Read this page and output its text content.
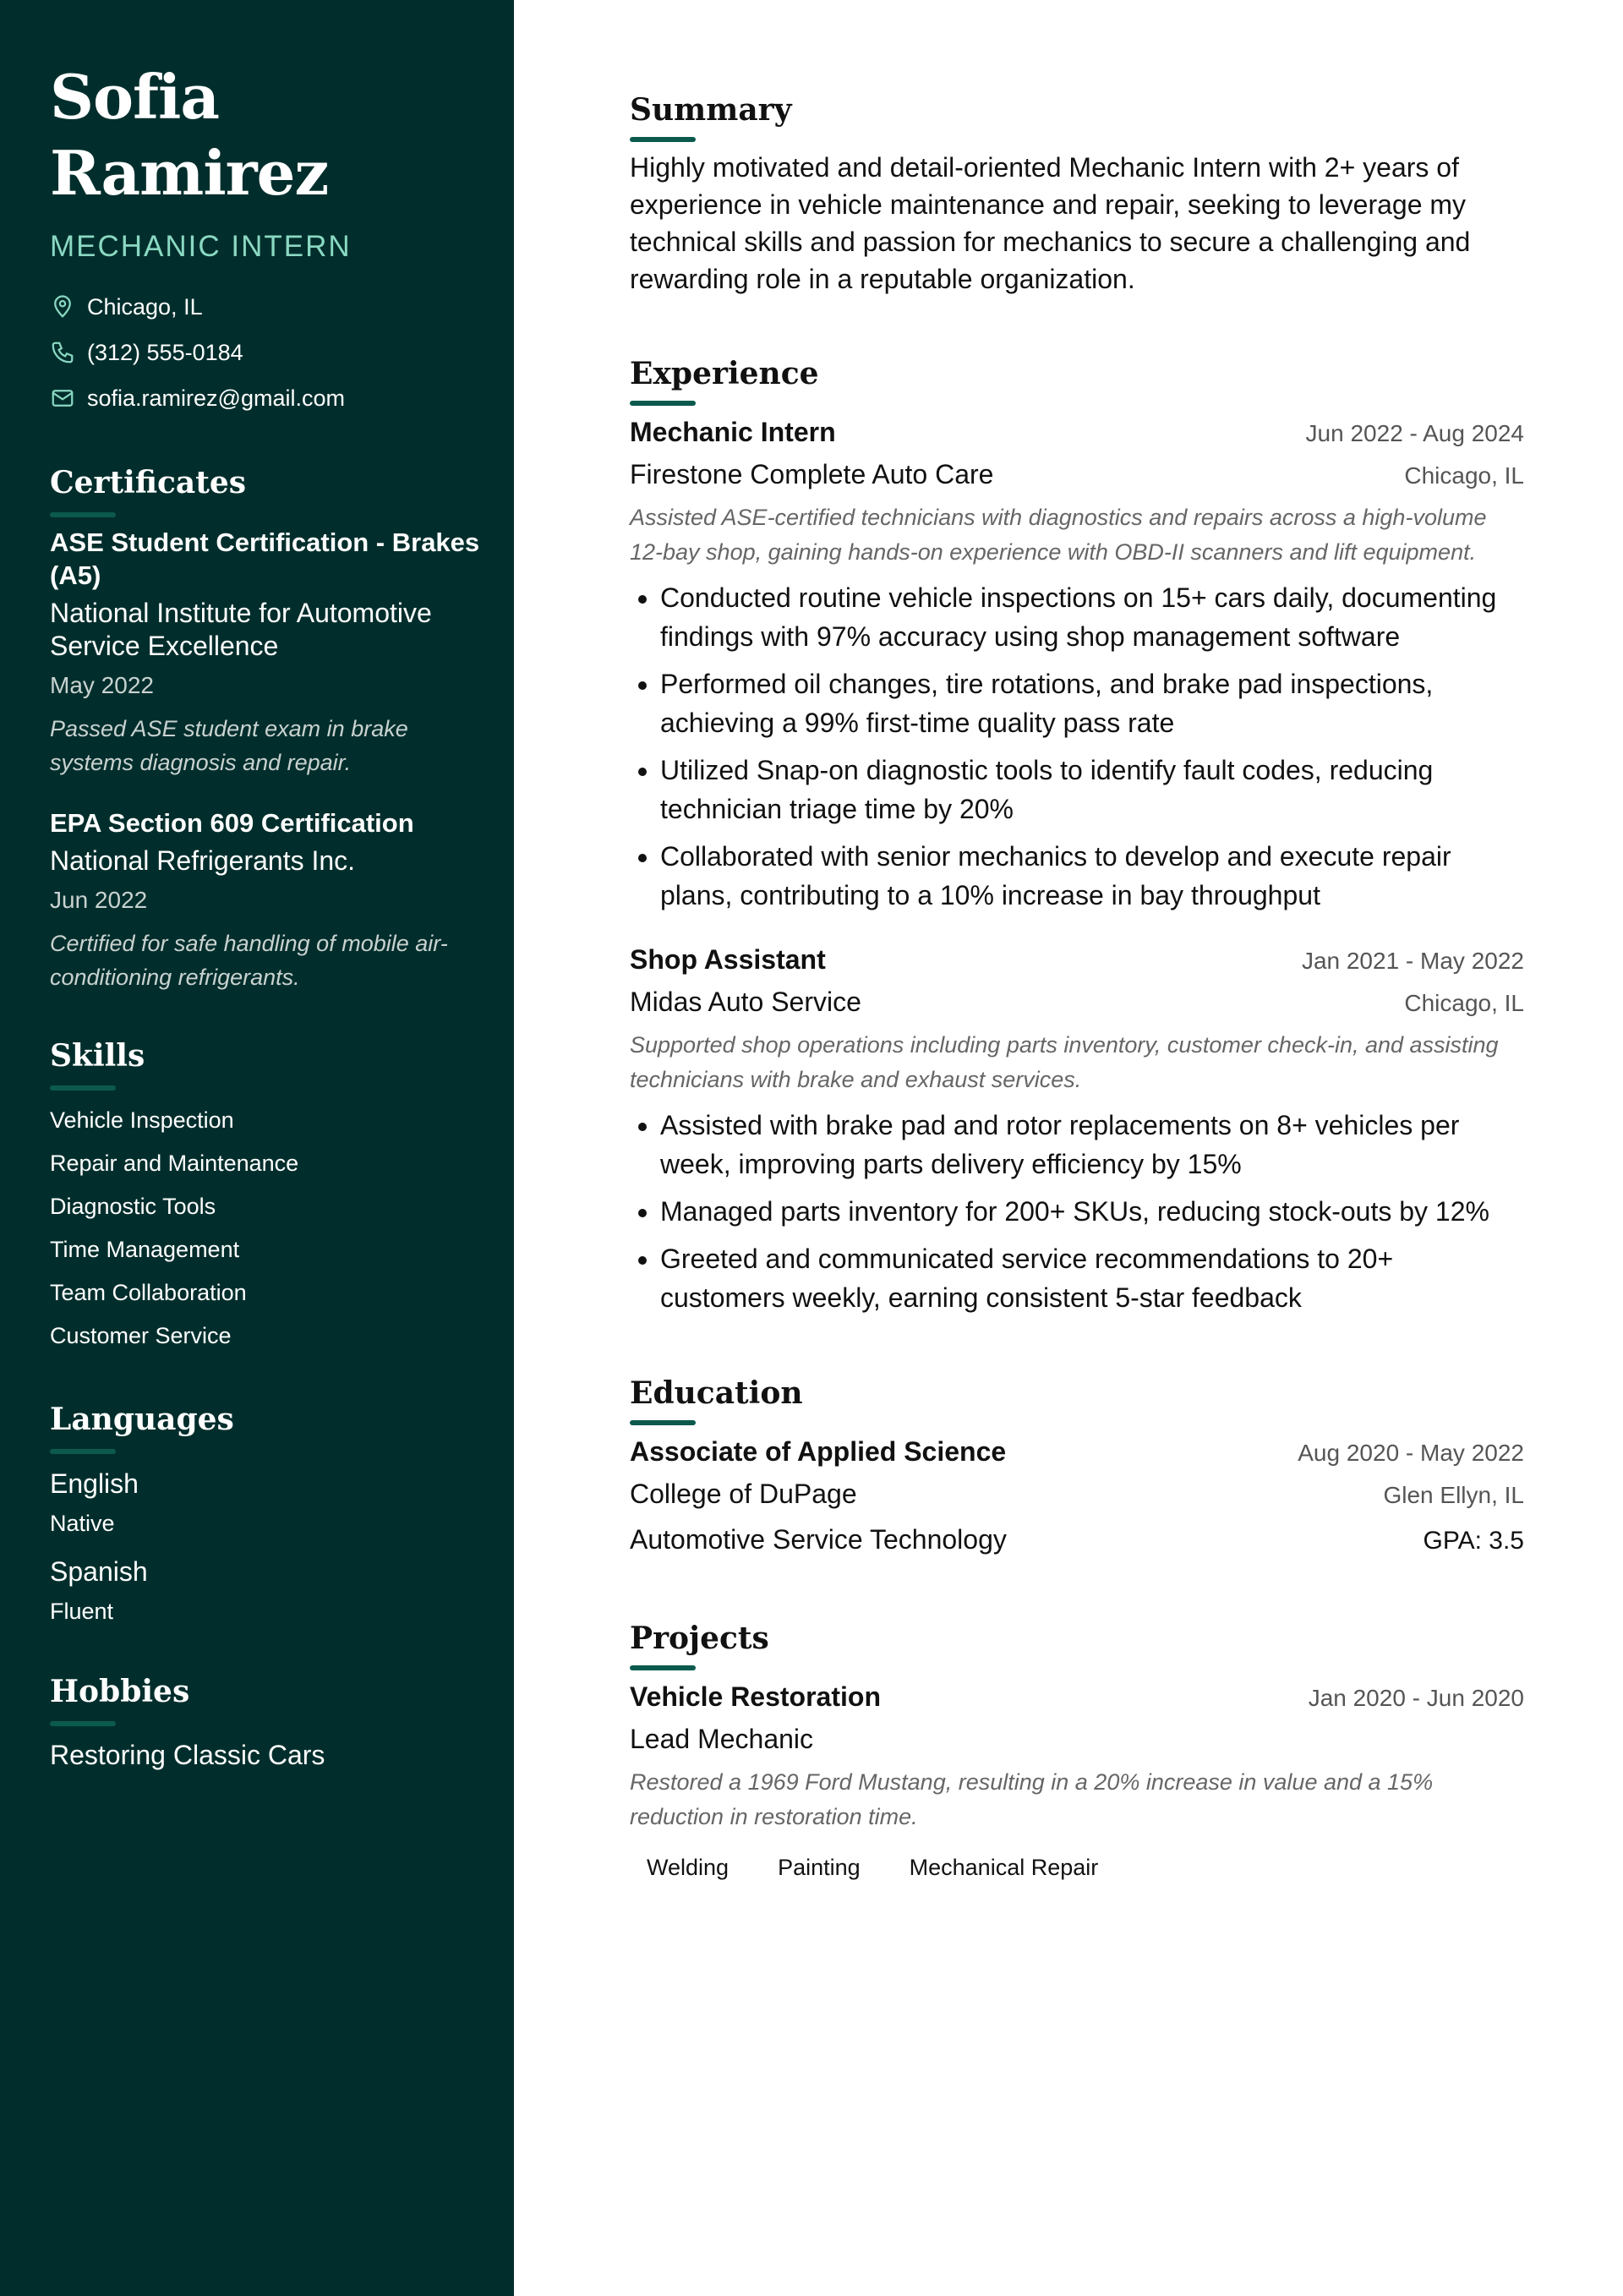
Sofia Ramirez
MECHANIC INTERN
Chicago, IL
(312) 555-0184
sofia.ramirez@gmail.com
Certificates
ASE Student Certification - Brakes (A5)
National Institute for Automotive Service Excellence
May 2022
Passed ASE student exam in brake systems diagnosis and repair.
EPA Section 609 Certification
National Refrigerants Inc.
Jun 2022
Certified for safe handling of mobile air-conditioning refrigerants.
Skills
Vehicle Inspection
Repair and Maintenance
Diagnostic Tools
Time Management
Team Collaboration
Customer Service
Languages
English
Native
Spanish
Fluent
Hobbies
Restoring Classic Cars
Summary
Highly motivated and detail-oriented Mechanic Intern with 2+ years of experience in vehicle maintenance and repair, seeking to leverage my technical skills and passion for mechanics to secure a challenging and rewarding role in a reputable organization.
Experience
Mechanic Intern	Jun 2022 - Aug 2024
Firestone Complete Auto Care	Chicago, IL
Assisted ASE-certified technicians with diagnostics and repairs across a high-volume 12-bay shop, gaining hands-on experience with OBD-II scanners and lift equipment.
• Conducted routine vehicle inspections on 15+ cars daily, documenting findings with 97% accuracy using shop management software
• Performed oil changes, tire rotations, and brake pad inspections, achieving a 99% first-time quality pass rate
• Utilized Snap-on diagnostic tools to identify fault codes, reducing technician triage time by 20%
• Collaborated with senior mechanics to develop and execute repair plans, contributing to a 10% increase in bay throughput
Shop Assistant	Jan 2021 - May 2022
Midas Auto Service	Chicago, IL
Supported shop operations including parts inventory, customer check-in, and assisting technicians with brake and exhaust services.
• Assisted with brake pad and rotor replacements on 8+ vehicles per week, improving parts delivery efficiency by 15%
• Managed parts inventory for 200+ SKUs, reducing stock-outs by 12%
• Greeted and communicated service recommendations to 20+ customers weekly, earning consistent 5-star feedback
Education
Associate of Applied Science	Aug 2020 - May 2022
College of DuPage	Glen Ellyn, IL
Automotive Service Technology	GPA: 3.5
Projects
Vehicle Restoration	Jan 2020 - Jun 2020
Lead Mechanic
Restored a 1969 Ford Mustang, resulting in a 20% increase in value and a 15% reduction in restoration time.
Welding Painting Mechanical Repair
